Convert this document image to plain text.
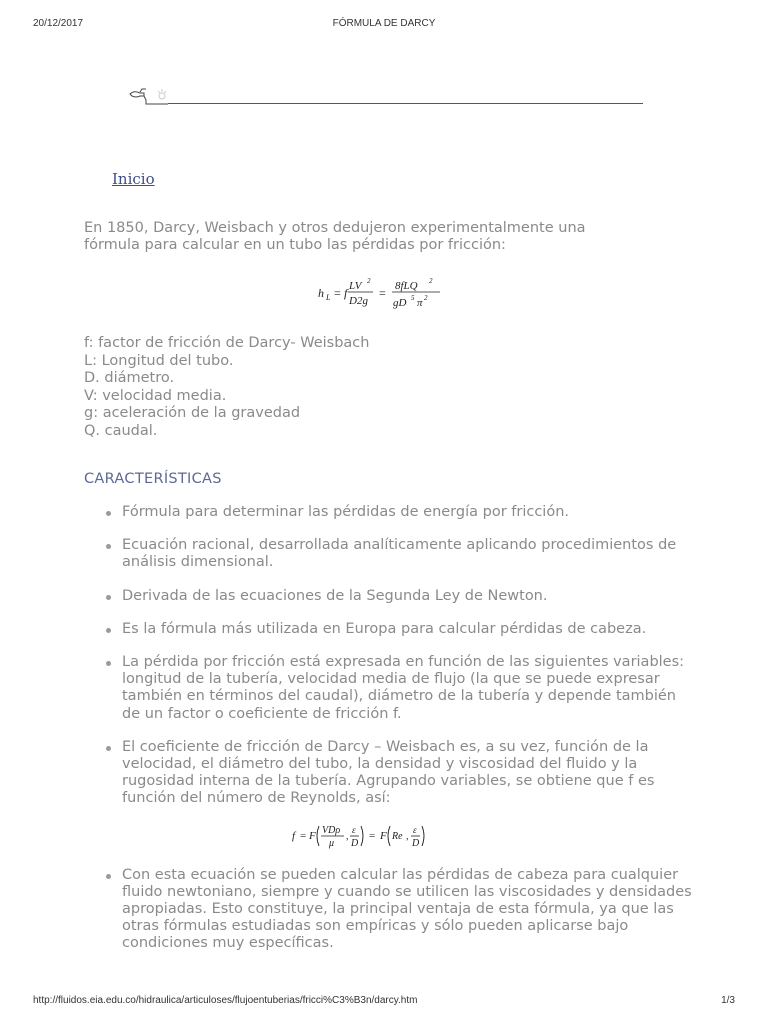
20/12/2017	FÓRMULA DE DARCY
Inicio

En 1850, Darcy, Weisbach y otros dedujeron experimentalmente una fórmula para calcular en un tubo las pérdidas por fricción:

h L = f LV 2
D2g
= 8fLQ 2
gD 5 π 2
f: factor de fricción de Darcy- Weisbach
L: Longitud del tubo.
D. diámetro.
V: velocidad media.
g: aceleración de la gravedad
Q. caudal.
CARACTERÍSTICAS
Fórmula para determinar las pérdidas de energía por fricción.
Ecuación racional, desarrollada analíticamente aplicando procedimientos de análisis dimensional.
Derivada de las ecuaciones de la Segunda Ley de Newton.
Es la fórmula más utilizada en Europa para calcular pérdidas de cabeza.
La pérdida por fricción está expresada en función de las siguientes variables: longitud de la tubería, velocidad media de flujo (la que se puede expresar también en términos del caudal), diámetro de la tubería y depende también de un factor o coeficiente de fricción f.
El coeficiente de fricción de Darcy – Weisbach es, a su vez, función de la velocidad, el diámetro del tubo, la densidad y viscosidad del fluido y la rugosidad interna de la tubería. Agrupando variables, se obtiene que f es función del número de Reynolds, así:
f = F VDρ
μ
,
ε
D
= F Re ,
ε
D
Con esta ecuación se pueden calcular las pérdidas de cabeza para cualquier fluido newtoniano, siempre y cuando se utilicen las viscosidades y densidades apropiadas. Esto constituye, la principal ventaja de esta fórmula, ya que las otras fórmulas estudiadas son empíricas y sólo pueden aplicarse bajo condiciones muy específicas.
http://fluidos.eia.edu.co/hidraulica/articuloses/flujoentuberias/fricci%C3%B3n/darcy.htm	1/3
